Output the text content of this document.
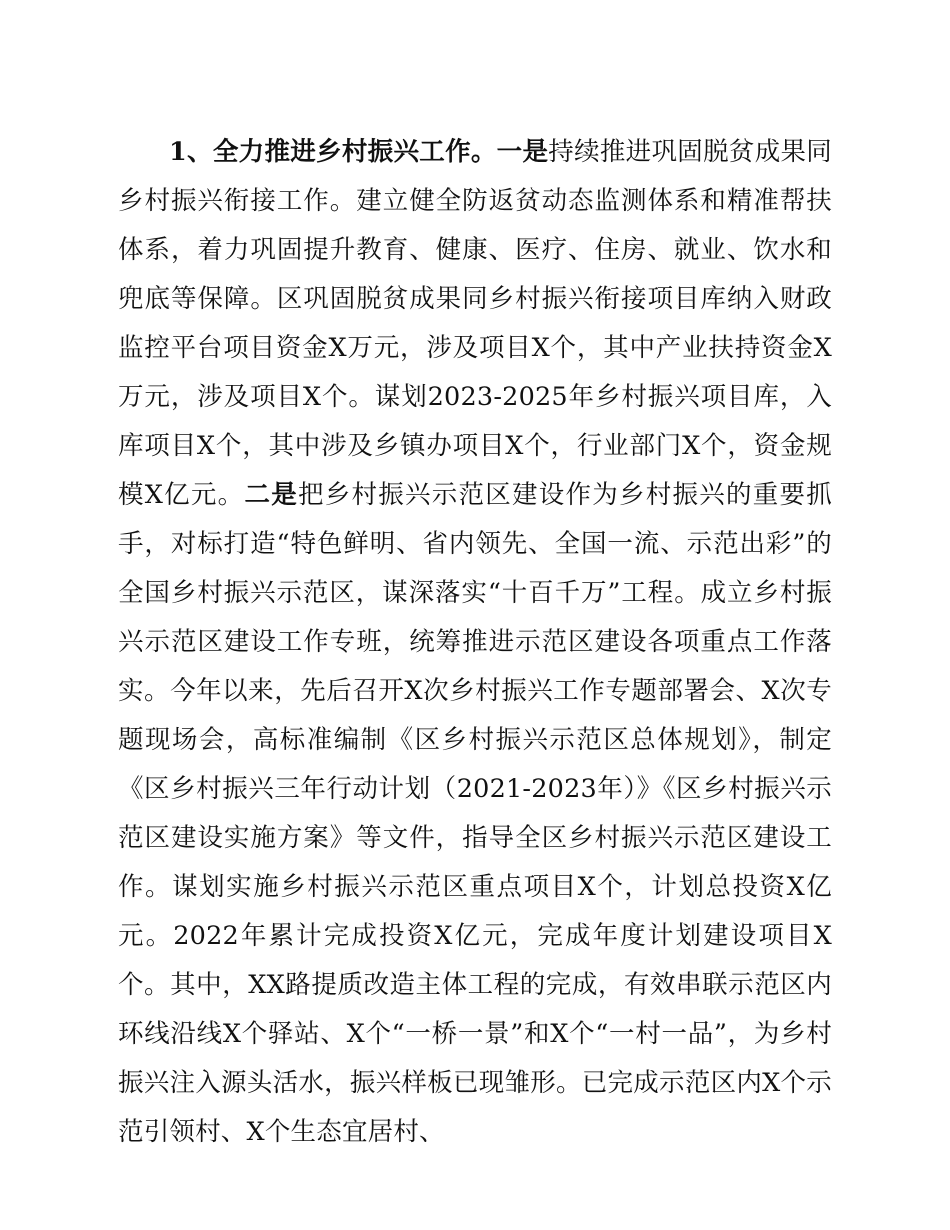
1、全力推进乡村振兴工作。一是持续推进巩固脱贫成果同乡村振兴衔接工作。建立健全防返贫动态监测体系和精准帮扶体系，着力巩固提升教育、健康、医疗、住房、就业、饮水和兜底等保障。区巩固脱贫成果同乡村振兴衔接项目库纳入财政监控平台项目资金X万元，涉及项目X个，其中产业扶持资金X万元，涉及项目X个。谋划2023-2025年乡村振兴项目库，入库项目X个，其中涉及乡镇办项目X个，行业部门X个，资金规模X亿元。二是把乡村振兴示范区建设作为乡村振兴的重要抓手，对标打造“特色鲜明、省内领先、全国一流、示范出彩”的全国乡村振兴示范区，谋深落实“十百千万”工程。成立乡村振兴示范区建设工作专班，统筹推进示范区建设各项重点工作落实。今年以来，先后召开X次乡村振兴工作专题部署会、X次专题现场会，高标准编制《区乡村振兴示范区总体规划》，制定《区乡村振兴三年行动计划（2021-2023年）》《区乡村振兴示范区建设实施方案》等文件，指导全区乡村振兴示范区建设工作。谋划实施乡村振兴示范区重点项目X个，计划总投资X亿元。2022年累计完成投资X亿元，完成年度计划建设项目X个。其中，XX路提质改造主体工程的完成，有效串联示范区内环线沿线X个驿站、X个“一桥一景”和X个“一村一品”，为乡村振兴注入源头活水，振兴样板已现雏形。已完成示范区内X个示范引领村、X个生态宜居村、
